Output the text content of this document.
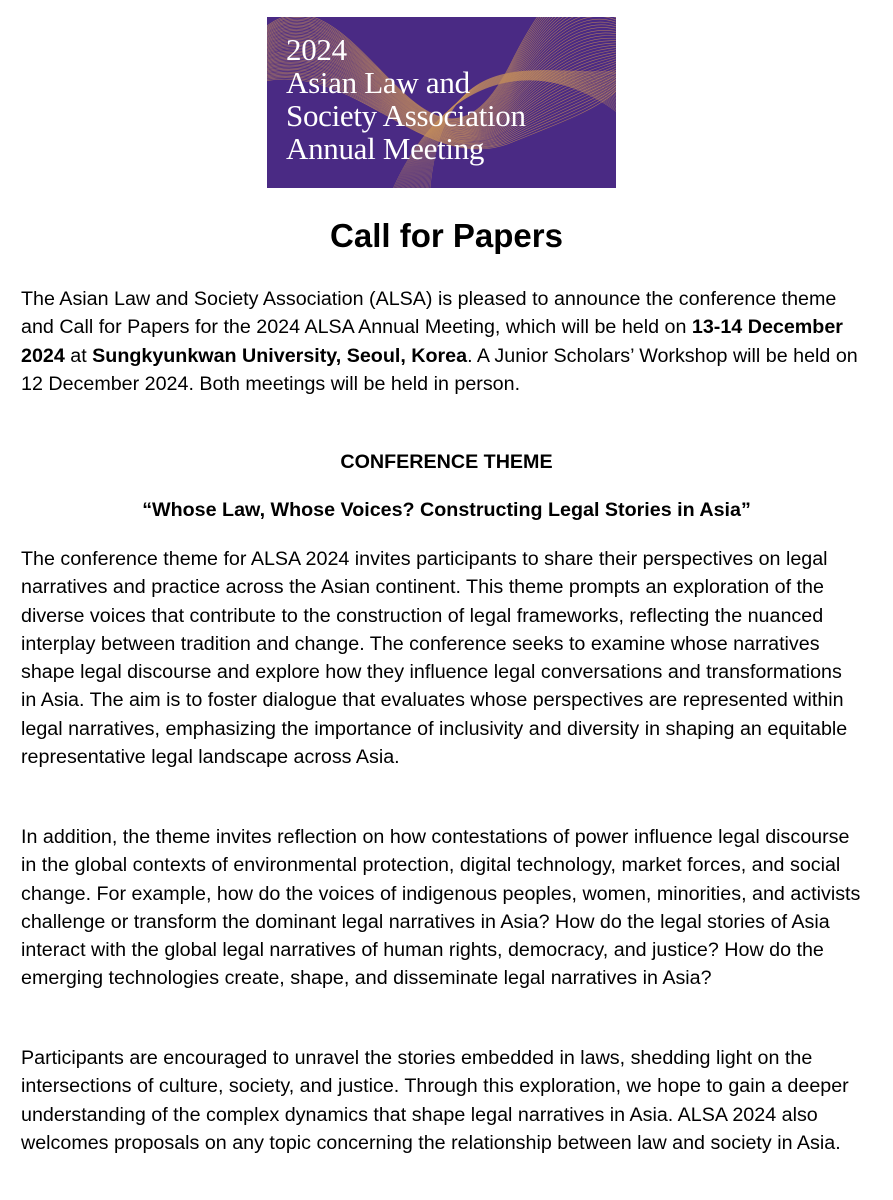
2024
Asian Law and
Society Association
Annual Meeting
Call for Papers

The Asian Law and Society Association (ALSA) is pleased to announce the conference theme and Call for Papers for the 2024 ALSA Annual Meeting, which will be held on 13-14 December 2024 at Sungkyunkwan University, Seoul, Korea. A Junior Scholars’ Workshop will be held on 12 December 2024. Both meetings will be held in person.

CONFERENCE THEME
“Whose Law, Whose Voices? Constructing Legal Stories in Asia”

The conference theme for ALSA 2024 invites participants to share their perspectives on legal narratives and practice across the Asian continent. This theme prompts an exploration of the diverse voices that contribute to the construction of legal frameworks, reflecting the nuanced interplay between tradition and change. The conference seeks to examine whose narratives shape legal discourse and explore how they influence legal conversations and transformations in Asia. The aim is to foster dialogue that evaluates whose perspectives are represented within legal narratives, emphasizing the importance of inclusivity and diversity in shaping an equitable representative legal landscape across Asia.

In addition, the theme invites reflection on how contestations of power influence legal discourse in the global contexts of environmental protection, digital technology, market forces, and social change. For example, how do the voices of indigenous peoples, women, minorities, and activists challenge or transform the dominant legal narratives in Asia? How do the legal stories of Asia interact with the global legal narratives of human rights, democracy, and justice? How do the emerging technologies create, shape, and disseminate legal narratives in Asia?

Participants are encouraged to unravel the stories embedded in laws, shedding light on the intersections of culture, society, and justice. Through this exploration, we hope to gain a deeper understanding of the complex dynamics that shape legal narratives in Asia. ALSA 2024 also welcomes proposals on any topic concerning the relationship between law and society in Asia.
